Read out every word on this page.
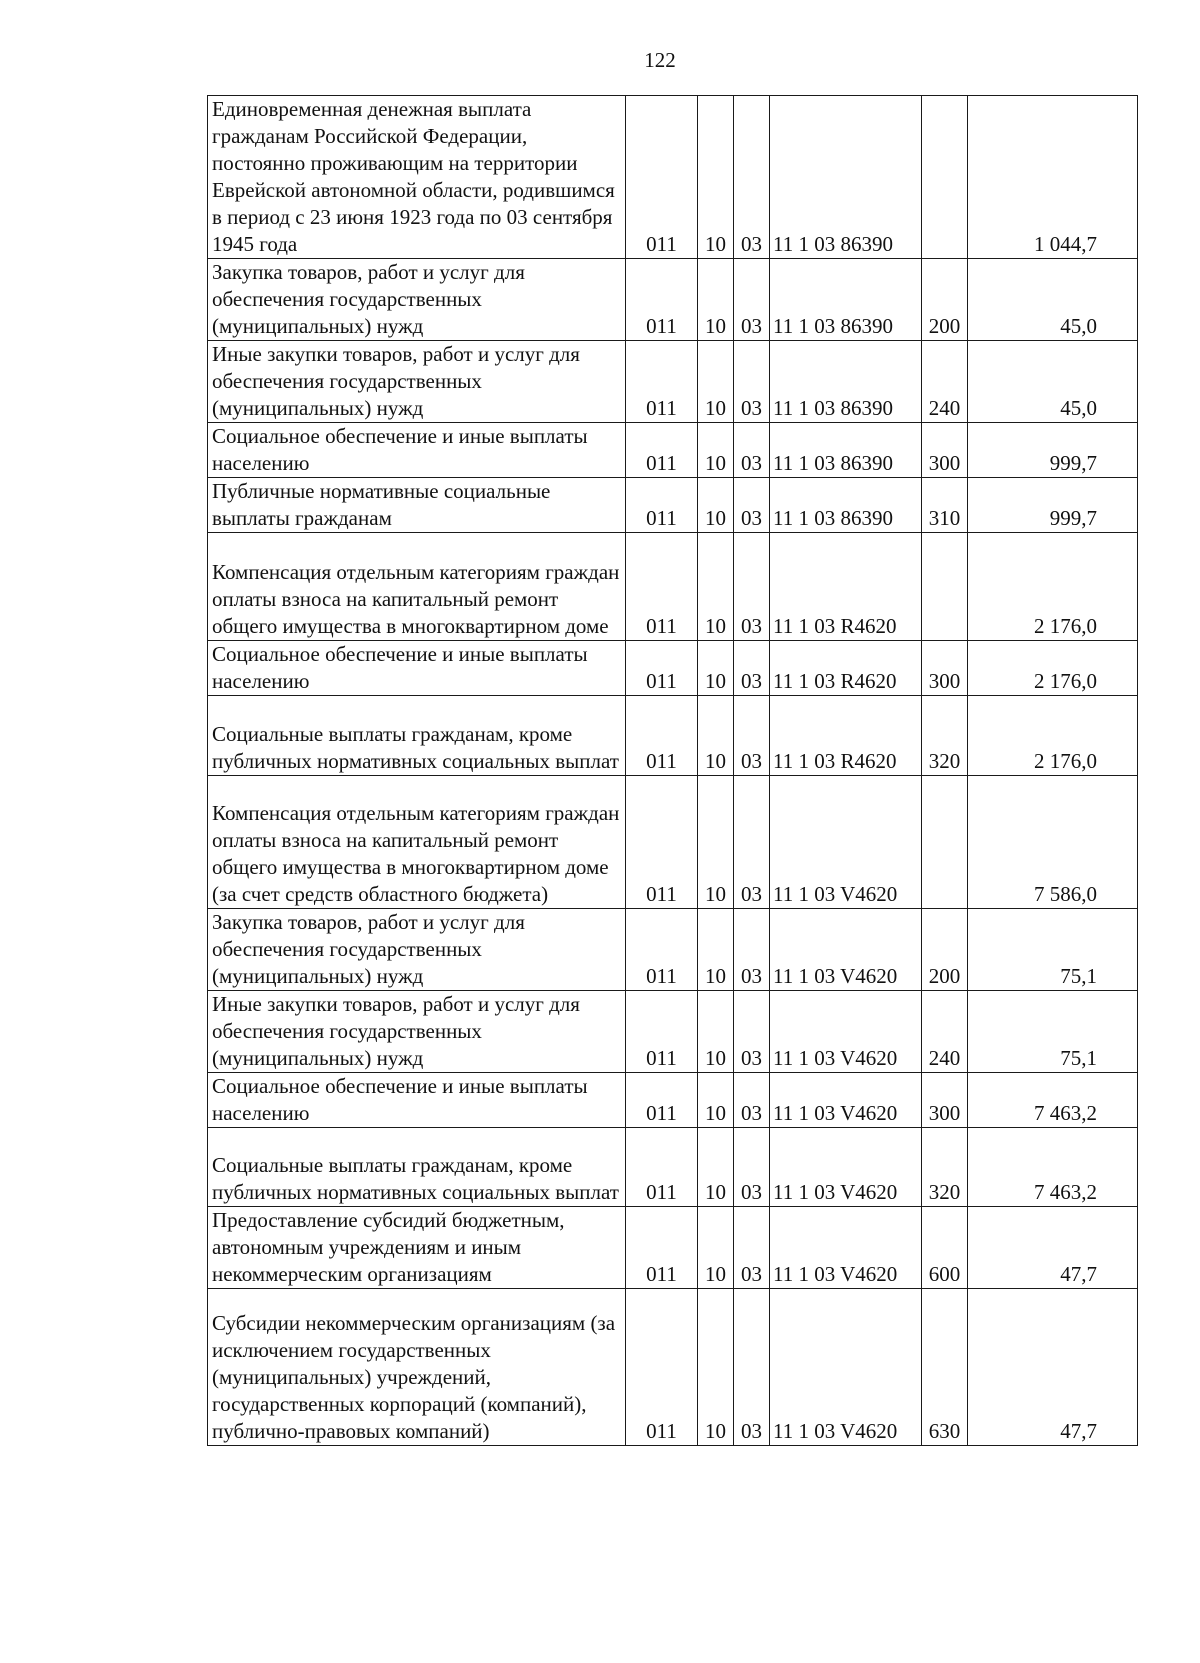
122
Единовременная денежная выплата гражданам Российской Федерации, постоянно проживающим на территории Еврейской автономной области, родившимся в период с 23 июня 1923 года по 03 сентября 1945 года	011	10	03	11 1 03 86390		1 044,7
Закупка товаров, работ и услуг для обеспечения государственных (муниципальных) нужд	011	10	03	11 1 03 86390	200	45,0
Иные закупки товаров, работ и услуг для обеспечения государственных (муниципальных) нужд	011	10	03	11 1 03 86390	240	45,0
Социальное обеспечение и иные выплаты населению	011	10	03	11 1 03 86390	300	999,7
Публичные нормативные социальные выплаты гражданам	011	10	03	11 1 03 86390	310	999,7
Компенсация отдельным категориям граждан оплаты взноса на капитальный ремонт общего имущества в многоквартирном доме	011	10	03	11 1 03 R4620		2 176,0
Социальное обеспечение и иные выплаты населению	011	10	03	11 1 03 R4620	300	2 176,0
Социальные выплаты гражданам, кроме публичных нормативных социальных выплат	011	10	03	11 1 03 R4620	320	2 176,0
Компенсация отдельным категориям граждан оплаты взноса на капитальный ремонт общего имущества в многоквартирном доме (за счет средств областного бюджета)	011	10	03	11 1 03 V4620		7 586,0
Закупка товаров, работ и услуг для обеспечения государственных (муниципальных) нужд	011	10	03	11 1 03 V4620	200	75,1
Иные закупки товаров, работ и услуг для обеспечения государственных (муниципальных) нужд	011	10	03	11 1 03 V4620	240	75,1
Социальное обеспечение и иные выплаты населению	011	10	03	11 1 03 V4620	300	7 463,2
Социальные выплаты гражданам, кроме публичных нормативных социальных выплат	011	10	03	11 1 03 V4620	320	7 463,2
Предоставление субсидий бюджетным, автономным учреждениям и иным некоммерческим организациям	011	10	03	11 1 03 V4620	600	47,7
Субсидии некоммерческим организациям (за исключением государственных (муниципальных) учреждений, государственных корпораций (компаний), публично-правовых компаний)	011	10	03	11 1 03 V4620	630	47,7
